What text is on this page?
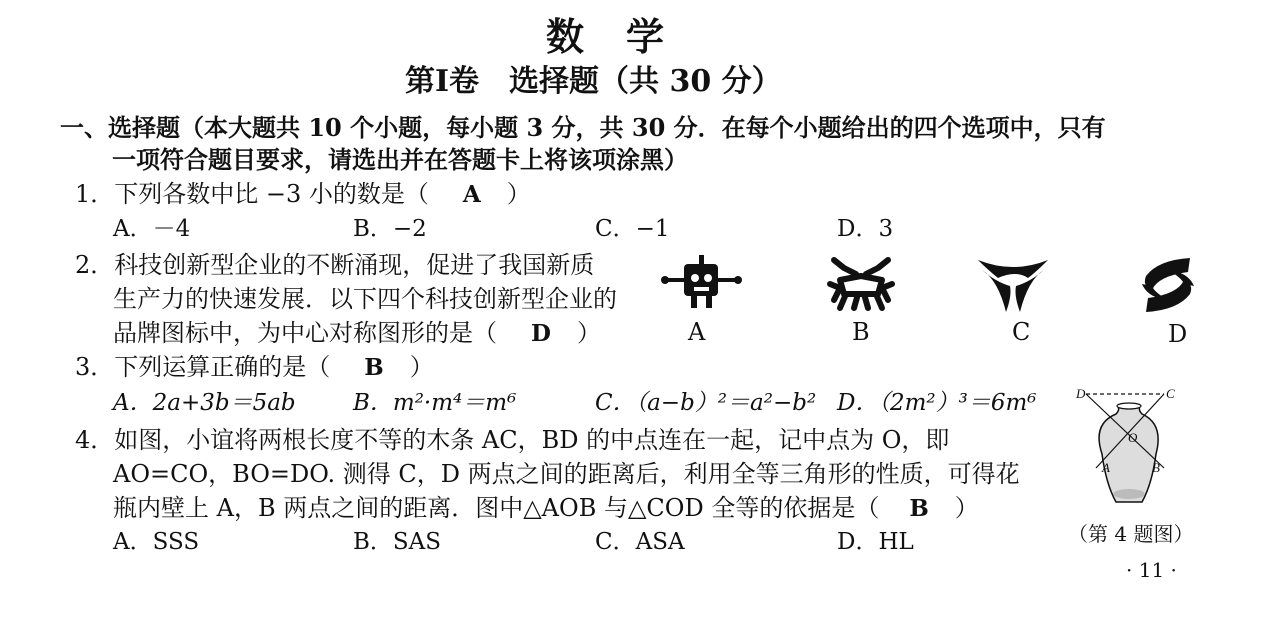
数　学
第Ⅰ卷　选择题（共 30 分）
一、选择题（本大题共 10 个小题，每小题 3 分，共 30 分．在每个小题给出的四个选项中，只有
一项符合题目要求，请选出并在答题卡上将该项涂黑）
1．下列各数中比 −3 小的数是（ A ）
A．－4	B．−2	C．−1	D．3
2．科技创新型企业的不断涌现，促进了我国新质
生产力的快速发展．以下四个科技创新型企业的
品牌图标中，为中心对称图形的是（ D ）	A	B	C	D
3．下列运算正确的是（ B ）
A．2a+3b＝5ab B．m²·m⁴＝m⁶	C．（a−b）²＝a²−b² D．（2m²）³＝6m⁶
4．如图，小谊将两根长度不等的木条 AC，BD 的中点连在一起，记中点为 O，即
AO=CO，BO=DO. 测得 C，D 两点之间的距离后，利用全等三角形的性质，可得花
瓶内壁上 A，B 两点之间的距离．图中△AOB 与△COD 全等的依据是（ B ）
A．SSS	B．SAS	C．ASA	D．HL
D	C
O
A	B
（第 4 题图）
· 11 ·
